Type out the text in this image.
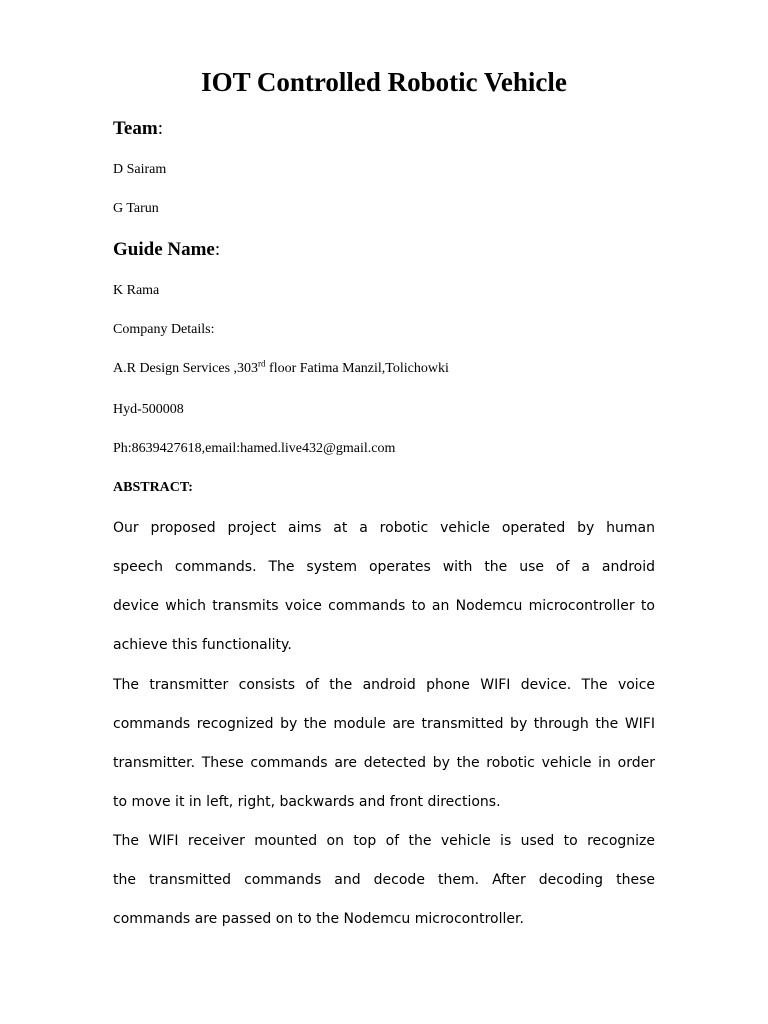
IOT Controlled Robotic Vehicle
Team:
D Sairam
G Tarun
Guide Name:
K Rama
Company Details:
A.R Design Services ,303rd floor Fatima Manzil,Tolichowki
Hyd-500008
Ph:8639427618,email:hamed.live432@gmail.com
ABSTRACT:
Our proposed project aims at a robotic vehicle operated by human
speech commands. The system operates with the use of a android
device which transmits voice commands to an Nodemcu microcontroller to
achieve this functionality.
The transmitter consists of the android phone WIFI device. The voice
commands recognized by the module are transmitted by through the WIFI
transmitter. These commands are detected by the robotic vehicle in order
to move it in left, right, backwards and front directions.
The WIFI receiver mounted on top of the vehicle is used to recognize
the transmitted commands and decode them. After decoding these
commands are passed on to the Nodemcu microcontroller.
